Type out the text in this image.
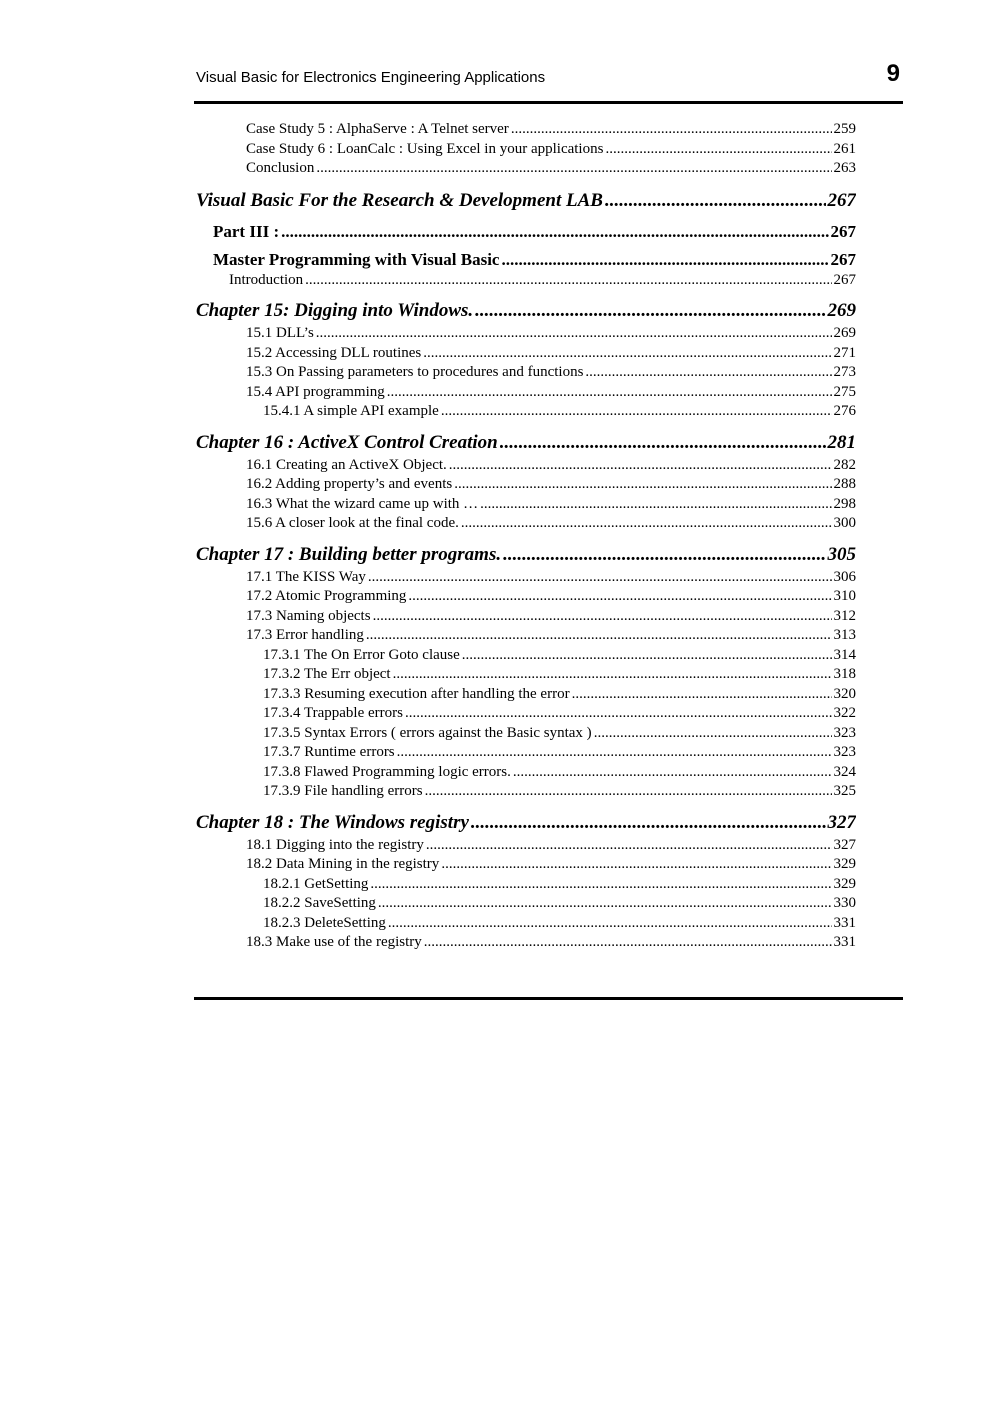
Visual Basic for Electronics Engineering Applications	9
Case Study 5 : AlphaServe : A Telnet server .....	259
Case Study 6 : LoanCalc : Using Excel in your applications .....	261
Conclusion .....	263
Visual Basic For the Research & Development LAB .....	267
Part III : .....	267
Master Programming with Visual Basic .....	267
Introduction .....	267
Chapter 15: Digging into Windows. .....	269
15.1 DLL’s .....	269
15.2 Accessing DLL routines .....	271
15.3 On Passing parameters to procedures and functions .....	273
15.4 API programming .....	275
15.4.1 A simple API example .....	276
Chapter 16 : ActiveX Control Creation .....	281
16.1 Creating an ActiveX Object. .....	282
16.2 Adding property’s and events .....	288
16.3 What the wizard came up with … .....	298
15.6 A closer look at the final code. .....	300
Chapter 17 : Building better programs. .....	305
17.1 The KISS Way .....	306
17.2 Atomic Programming .....	310
17.3 Naming objects .....	312
17.3 Error handling .....	313
17.3.1 The On Error Goto clause .....	314
17.3.2 The Err object .....	318
17.3.3 Resuming execution after handling the error .....	320
17.3.4 Trappable errors .....	322
17.3.5 Syntax Errors ( errors against the Basic syntax ) .....	323
17.3.7 Runtime errors .....	323
17.3.8 Flawed Programming logic errors. .....	324
17.3.9 File handling errors .....	325
Chapter 18 : The Windows registry .....	327
18.1 Digging into the registry .....	327
18.2 Data Mining in the registry .....	329
18.2.1 GetSetting .....	329
18.2.2 SaveSetting .....	330
18.2.3 DeleteSetting .....	331
18.3 Make use of the registry .....	331
